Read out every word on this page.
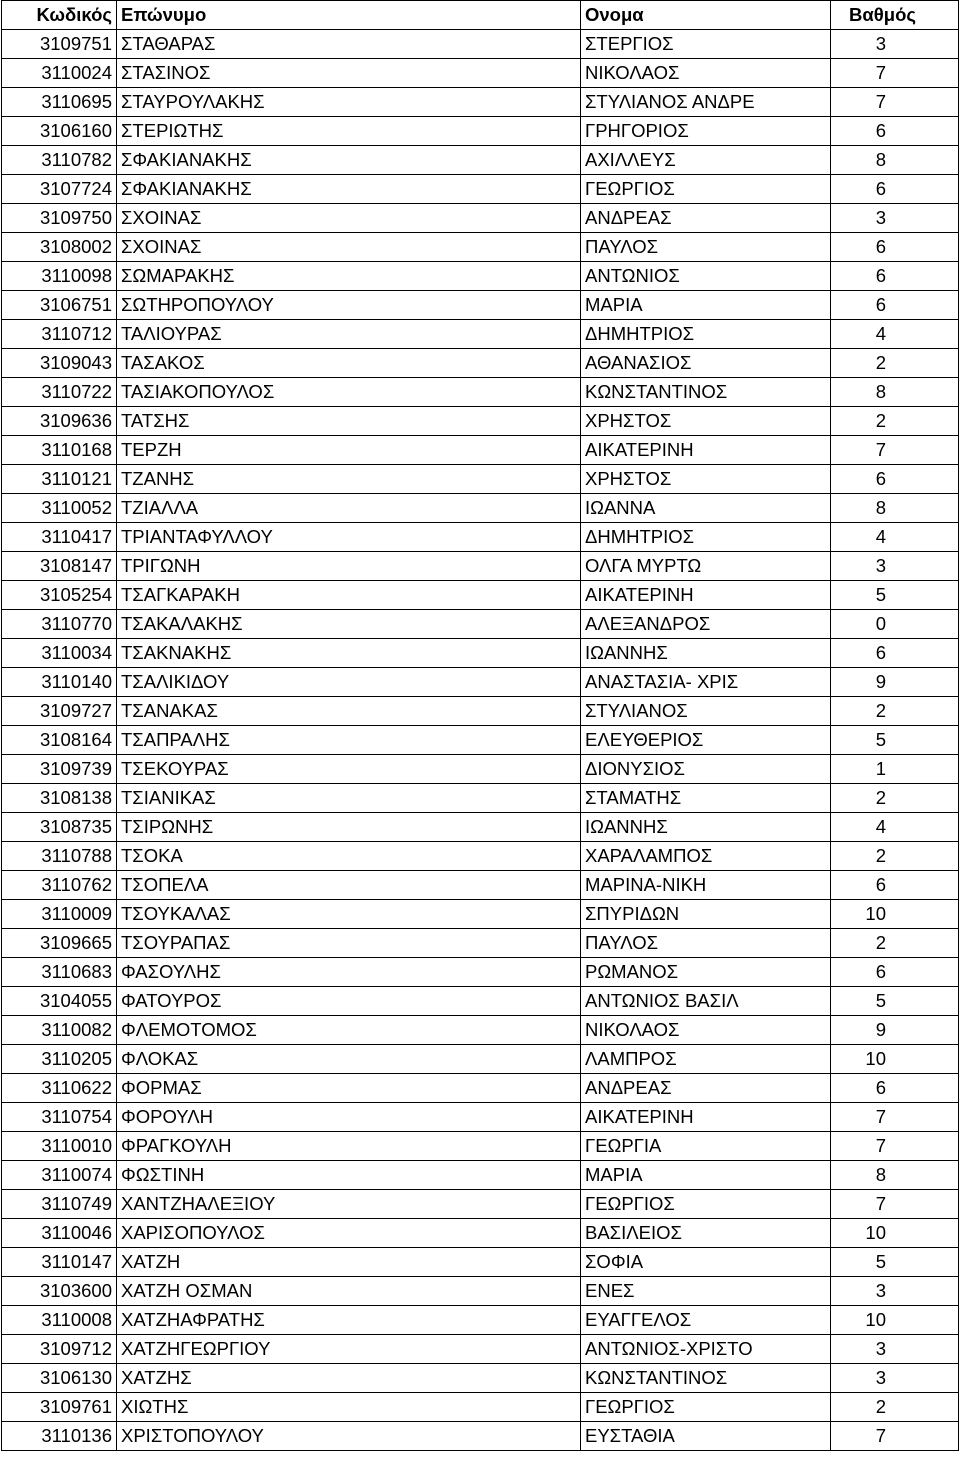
Κωδικός	Επώνυμο	Ονομα	Βαθμός
3109751	ΣΤΑΘΑΡΑΣ	ΣΤΕΡΓΙΟΣ	3
3110024	ΣΤΑΣΙΝΟΣ	ΝΙΚΟΛΑΟΣ	7
3110695	ΣΤΑΥΡΟΥΛΑΚΗΣ	ΣΤΥΛΙΑΝΟΣ ΑΝΔΡΕ	7
3106160	ΣΤΕΡΙΩΤΗΣ	ΓΡΗΓΟΡΙΟΣ	6
3110782	ΣΦΑΚΙΑΝΑΚΗΣ	ΑΧΙΛΛΕΥΣ	8
3107724	ΣΦΑΚΙΑΝΑΚΗΣ	ΓΕΩΡΓΙΟΣ	6
3109750	ΣΧΟΙΝΑΣ	ΑΝΔΡΕΑΣ	3
3108002	ΣΧΟΙΝΑΣ	ΠΑΥΛΟΣ	6
3110098	ΣΩΜΑΡΑΚΗΣ	ΑΝΤΩΝΙΟΣ	6
3106751	ΣΩΤΗΡΟΠΟΥΛΟΥ	ΜΑΡΙΑ	6
3110712	ΤΑΛΙΟΥΡΑΣ	ΔΗΜΗΤΡΙΟΣ	4
3109043	ΤΑΣΑΚΟΣ	ΑΘΑΝΑΣΙΟΣ	2
3110722	ΤΑΣΙΑΚΟΠΟΥΛΟΣ	ΚΩΝΣΤΑΝΤΙΝΟΣ	8
3109636	ΤΑΤΣΗΣ	ΧΡΗΣΤΟΣ	2
3110168	ΤΕΡΖΗ	ΑΙΚΑΤΕΡΙΝΗ	7
3110121	ΤΖΑΝΗΣ	ΧΡΗΣΤΟΣ	6
3110052	ΤΖΙΑΛΛΑ	ΙΩΑΝΝΑ	8
3110417	ΤΡΙΑΝΤΑΦΥΛΛΟΥ	ΔΗΜΗΤΡΙΟΣ	4
3108147	ΤΡΙΓΩΝΗ	ΟΛΓΑ ΜΥΡΤΩ	3
3105254	ΤΣΑΓΚΑΡΑΚΗ	ΑΙΚΑΤΕΡΙΝΗ	5
3110770	ΤΣΑΚΑΛΑΚΗΣ	ΑΛΕΞΑΝΔΡΟΣ	0
3110034	ΤΣΑΚΝΑΚΗΣ	ΙΩΑΝΝΗΣ	6
3110140	ΤΣΑΛΙΚΙΔΟΥ	ΑΝΑΣΤΑΣΙΑ- ΧΡΙΣ	9
3109727	ΤΣΑΝΑΚΑΣ	ΣΤΥΛΙΑΝΟΣ	2
3108164	ΤΣΑΠΡΑΛΗΣ	ΕΛΕΥΘΕΡΙΟΣ	5
3109739	ΤΣΕΚΟΥΡΑΣ	ΔΙΟΝΥΣΙΟΣ	1
3108138	ΤΣΙΑΝΙΚΑΣ	ΣΤΑΜΑΤΗΣ	2
3108735	ΤΣΙΡΩΝΗΣ	ΙΩΑΝΝΗΣ	4
3110788	ΤΣΟΚΑ	ΧΑΡΑΛΑΜΠΟΣ	2
3110762	ΤΣΟΠΕΛΑ	ΜΑΡΙΝΑ-ΝΙΚΗ	6
3110009	ΤΣΟΥΚΑΛΑΣ	ΣΠΥΡΙΔΩΝ	10
3109665	ΤΣΟΥΡΑΠΑΣ	ΠΑΥΛΟΣ	2
3110683	ΦΑΣΟΥΛΗΣ	ΡΩΜΑΝΟΣ	6
3104055	ΦΑΤΟΥΡΟΣ	ΑΝΤΩΝΙΟΣ ΒΑΣΙΛ	5
3110082	ΦΛΕΜΟΤΟΜΟΣ	ΝΙΚΟΛΑΟΣ	9
3110205	ΦΛΟΚΑΣ	ΛΑΜΠΡΟΣ	10
3110622	ΦΟΡΜΑΣ	ΑΝΔΡΕΑΣ	6
3110754	ΦΟΡΟΥΛΗ	ΑΙΚΑΤΕΡΙΝΗ	7
3110010	ΦΡΑΓΚΟΥΛΗ	ΓΕΩΡΓΙΑ	7
3110074	ΦΩΣΤΙΝΗ	ΜΑΡΙΑ	8
3110749	ΧΑΝΤΖΗΑΛΕΞΙΟΥ	ΓΕΩΡΓΙΟΣ	7
3110046	ΧΑΡΙΣΟΠΟΥΛΟΣ	ΒΑΣΙΛΕΙΟΣ	10
3110147	ΧΑΤΖΗ	ΣΟΦΙΑ	5
3103600	ΧΑΤΖΗ ΟΣΜΑΝ	ΕΝΕΣ	3
3110008	ΧΑΤΖΗΑΦΡΑΤΗΣ	ΕΥΑΓΓΕΛΟΣ	10
3109712	ΧΑΤΖΗΓΕΩΡΓΙΟΥ	ΑΝΤΩΝΙΟΣ-ΧΡΙΣΤΟ	3
3106130	ΧΑΤΖΗΣ	ΚΩΝΣΤΑΝΤΙΝΟΣ	3
3109761	ΧΙΩΤΗΣ	ΓΕΩΡΓΙΟΣ	2
3110136	ΧΡΙΣΤΟΠΟΥΛΟΥ	ΕΥΣΤΑΘΙΑ	7
